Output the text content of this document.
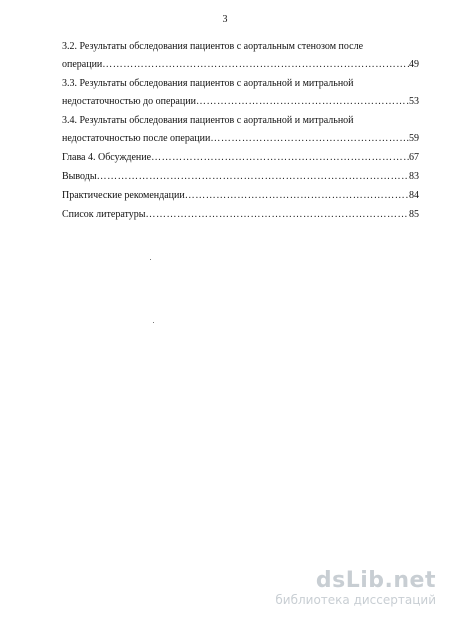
3
3.2. Результаты обследования пациентов с аортальным стенозом после
операции ……………………………………………………………………………………………………………………………………………………………	49
3.3. Результаты обследования пациентов с аортальной и митральной
недостаточностью до операции ……………………………………………………………………………………………………………………………………………………………	53
3.4. Результаты обследования пациентов с аортальной и митральной
недостаточностью после операции ……………………………………………………………………………………………………………………………………………………………	59
Глава 4. Обсуждение ……………………………………………………………………………………………………………………………………………………………	67
Выводы ……………………………………………………………………………………………………………………………………………………………	83
Практические рекомендации ……………………………………………………………………………………………………………………………………………………………	84
Список литературы ……………………………………………………………………………………………………………………………………………………………	85
dsLib.net
библиотека диссертаций
